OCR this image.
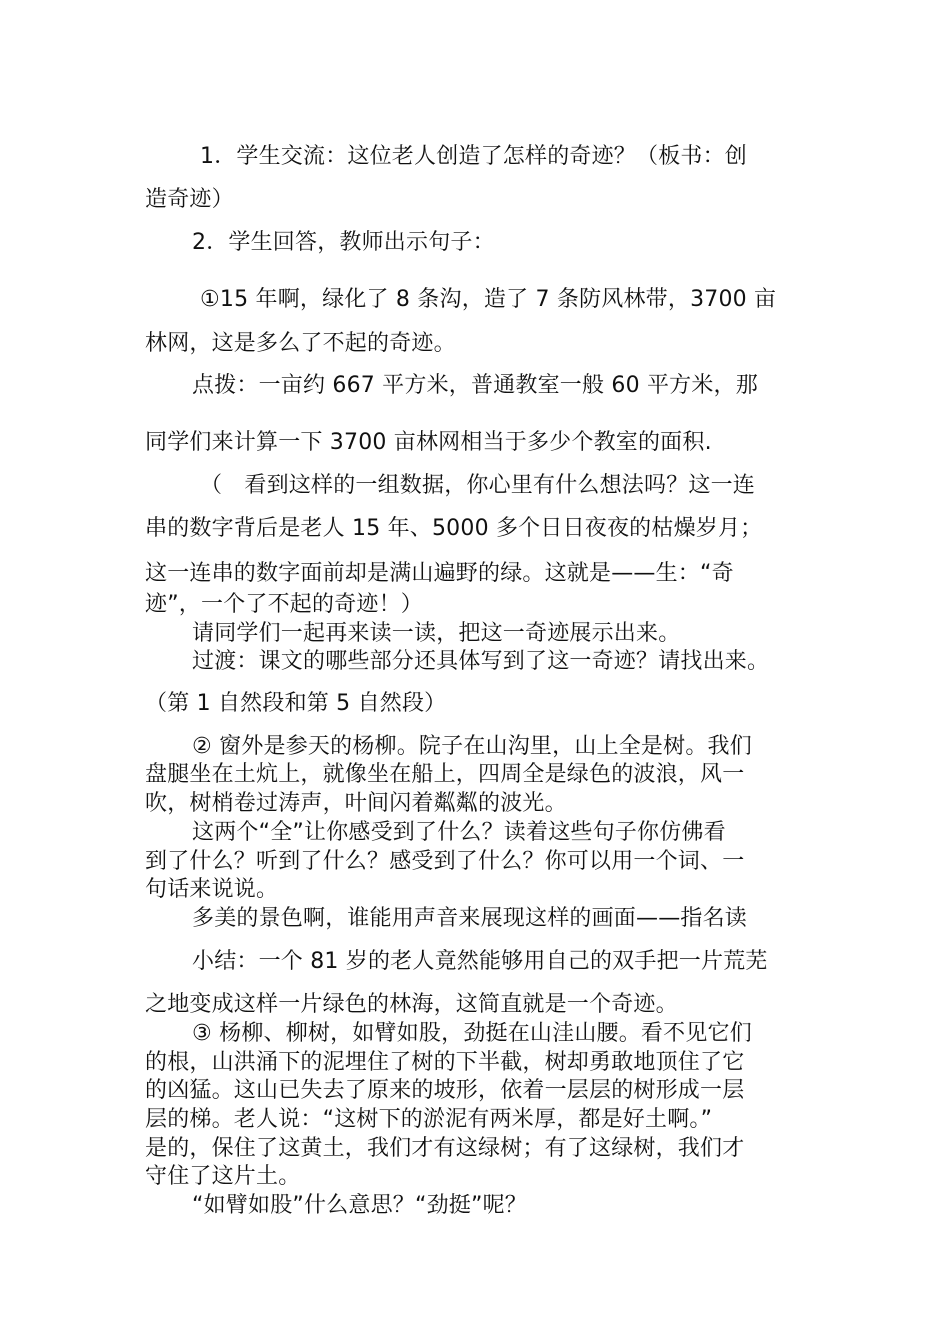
1．学生交流：这位老人创造了怎样的奇迹？（板书：创

造奇迹）

2．学生回答，教师出示句子：

①15 年啊，绿化了 8 条沟，造了 7 条防风林带，3700 亩

林网，这是多么了不起的奇迹。

点拨：一亩约 667 平方米，普通教室一般 60 平方米，那

同学们来计算一下 3700 亩林网相当于多少个教室的面积.

（　看到这样的一组数据，你心里有什么想法吗？这一连

串的数字背后是老人 15 年、5000 多个日日夜夜的枯燥岁月；

这一连串的数字面前却是满山遍野的绿。这就是——生：“奇

迹”，一个了不起的奇迹！）

请同学们一起再来读一读，把这一奇迹展示出来。

过渡：课文的哪些部分还具体写到了这一奇迹？请找出来。

（第 1 自然段和第 5 自然段）

② 窗外是参天的杨柳。院子在山沟里，山上全是树。我们

盘腿坐在土炕上，就像坐在船上，四周全是绿色的波浪，风一

吹，树梢卷过涛声，叶间闪着粼粼的波光。

这两个“全”让你感受到了什么？读着这些句子你仿佛看

到了什么？听到了什么？感受到了什么？你可以用一个词、一

句话来说说。

多美的景色啊，谁能用声音来展现这样的画面——指名读

小结：一个 81 岁的老人竟然能够用自己的双手把一片荒芜

之地变成这样一片绿色的林海，这简直就是一个奇迹。

③ 杨柳、柳树，如臂如股，劲挺在山洼山腰。看不见它们

的根，山洪涌下的泥埋住了树的下半截，树却勇敢地顶住了它

的凶猛。这山已失去了原来的坡形，依着一层层的树形成一层

层的梯。老人说：“这树下的淤泥有两米厚，都是好土啊。”

是的，保住了这黄土，我们才有这绿树；有了这绿树，我们才

守住了这片土。

“如臂如股”什么意思？“劲挺”呢？
